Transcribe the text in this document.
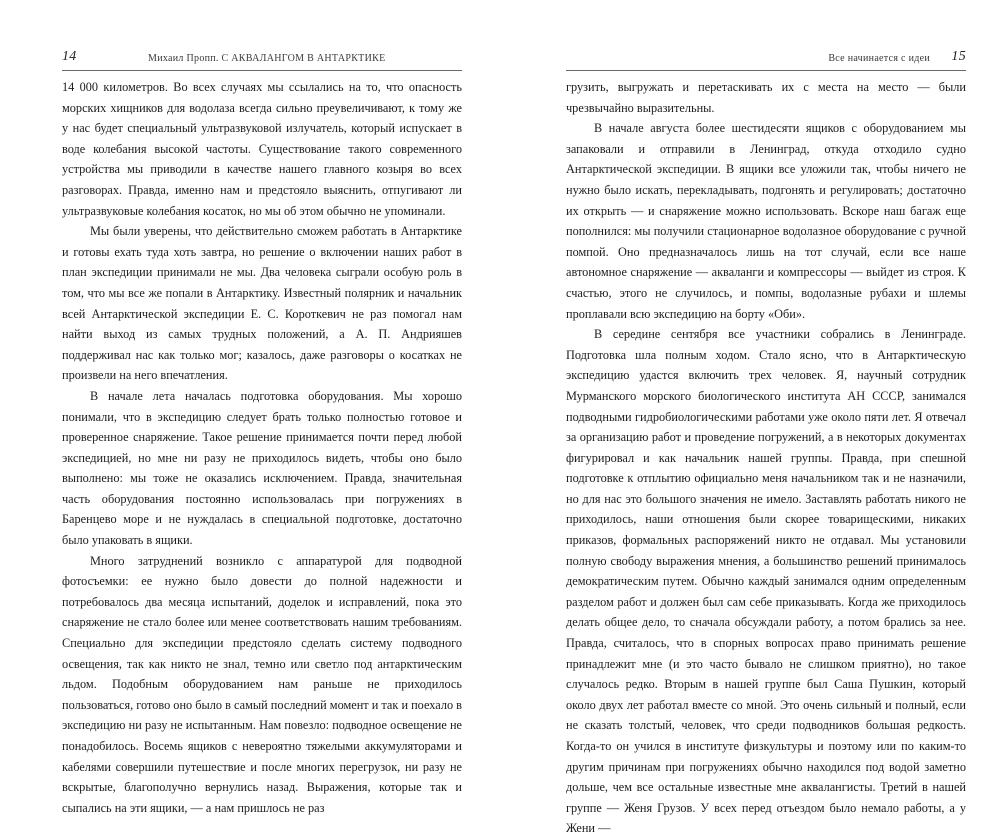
14	Михаил Пропп. С АКВАЛАНГОМ В АНТАРКТИКЕ

14 000 километров. Во всех случаях мы ссылались на то, что опасность морских хищников для водолаза всегда сильно преувеличивают, к тому же у нас будет специальный ультразвуковой излучатель, который испускает в воде колебания высокой частоты. Существование такого современного устройства мы приводили в качестве нашего главного козыря во всех разговорах. Правда, именно нам и предстояло выяснить, отпугивают ли ультразвуковые колебания косаток, но мы об этом обычно не упоминали.

Мы были уверены, что действительно сможем работать в Антарктике и готовы ехать туда хоть завтра, но решение о включении наших работ в план экспедиции принимали не мы. Два человека сыграли особую роль в том, что мы все же попали в Антарктику. Известный полярник и начальник всей Антарктической экспедиции Е. С. Короткевич не раз помогал нам найти выход из самых трудных положений, а А. П. Андрияшев поддерживал нас как только мог; казалось, даже разговоры о косатках не произвели на него впечатления.

В начале лета началась подготовка оборудования. Мы хорошо понимали, что в экспедицию следует брать только полностью готовое и проверенное снаряжение. Такое решение принимается почти перед любой экспедицией, но мне ни разу не приходилось видеть, чтобы оно было выполнено: мы тоже не оказались исключением. Правда, значительная часть оборудования постоянно использовалась при погружениях в Баренцево море и не нуждалась в специальной подготовке, достаточно было упаковать в ящики.

Много затруднений возникло с аппаратурой для подводной фотосъемки: ее нужно было довести до полной надежности и потребовалось два месяца испытаний, доделок и исправлений, пока это снаряжение не стало более или менее соответствовать нашим требованиям. Специально для экспедиции предстояло сделать систему подводного освещения, так как никто не знал, темно или светло под антарктическим льдом. Подобным оборудованием нам раньше не приходилось пользоваться, готово оно было в самый последний момент и так и поехало в экспедицию ни разу не испытанным. Нам повезло: подводное освещение не понадобилось. Восемь ящиков с невероятно тяжелыми аккумуляторами и кабелями совершили путешествие и после многих перегрузок, ни разу не вскрытые, благополучно вернулись назад. Выражения, которые так и сыпались на эти ящики, — а нам пришлось не раз

Все начинается с идеи 15

грузить, выгружать и перетаскивать их с места на место — были чрезвычайно выразительны.

В начале августа более шестидесяти ящиков с оборудованием мы запаковали и отправили в Ленинград, откуда отходило судно Антарктической экспедиции. В ящики все уложили так, чтобы ничего не нужно было искать, перекладывать, подгонять и регулировать; достаточно их открыть — и снаряжение можно использовать. Вскоре наш багаж еще пополнился: мы получили стационарное водолазное оборудование с ручной помпой. Оно предназначалось лишь на тот случай, если все наше автономное снаряжение — акваланги и компрессоры — выйдет из строя. К счастью, этого не случилось, и помпы, водолазные рубахи и шлемы проплавали всю экспедицию на борту «Оби».

В середине сентября все участники собрались в Ленинграде. Подготовка шла полным ходом. Стало ясно, что в Антарктическую экспедицию удастся включить трех человек. Я, научный сотрудник Мурманского морского биологического института АН СССР, занимался подводными гидробиологическими работами уже около пяти лет. Я отвечал за организацию работ и проведение погружений, а в некоторых документах фигурировал и как начальник нашей группы. Правда, при спешной подготовке к отплытию официально меня начальником так и не назначили, но для нас это большого значения не имело. Заставлять работать никого не приходилось, наши отношения были скорее товарищескими, никаких приказов, формальных распоряжений никто не отдавал. Мы установили полную свободу выражения мнения, а большинство решений принималось демократическим путем. Обычно каждый занимался одним определенным разделом работ и должен был сам себе приказывать. Когда же приходилось делать общее дело, то сначала обсуждали работу, а потом брались за нее. Правда, считалось, что в спорных вопросах право принимать решение принадлежит мне (и это часто бывало не слишком приятно), но такое случалось редко. Вторым в нашей группе был Саша Пушкин, который около двух лет работал вместе со мной. Это очень сильный и полный, если не сказать толстый, человек, что среди подводников большая редкость. Когда-то он учился в институте физкультуры и поэтому или по каким-то другим причинам при погружениях обычно находился под водой заметно дольше, чем все остальные известные мне аквалангисты. Третий в нашей группе — Женя Грузов. У всех перед отъездом было немало работы, а у Жени —
